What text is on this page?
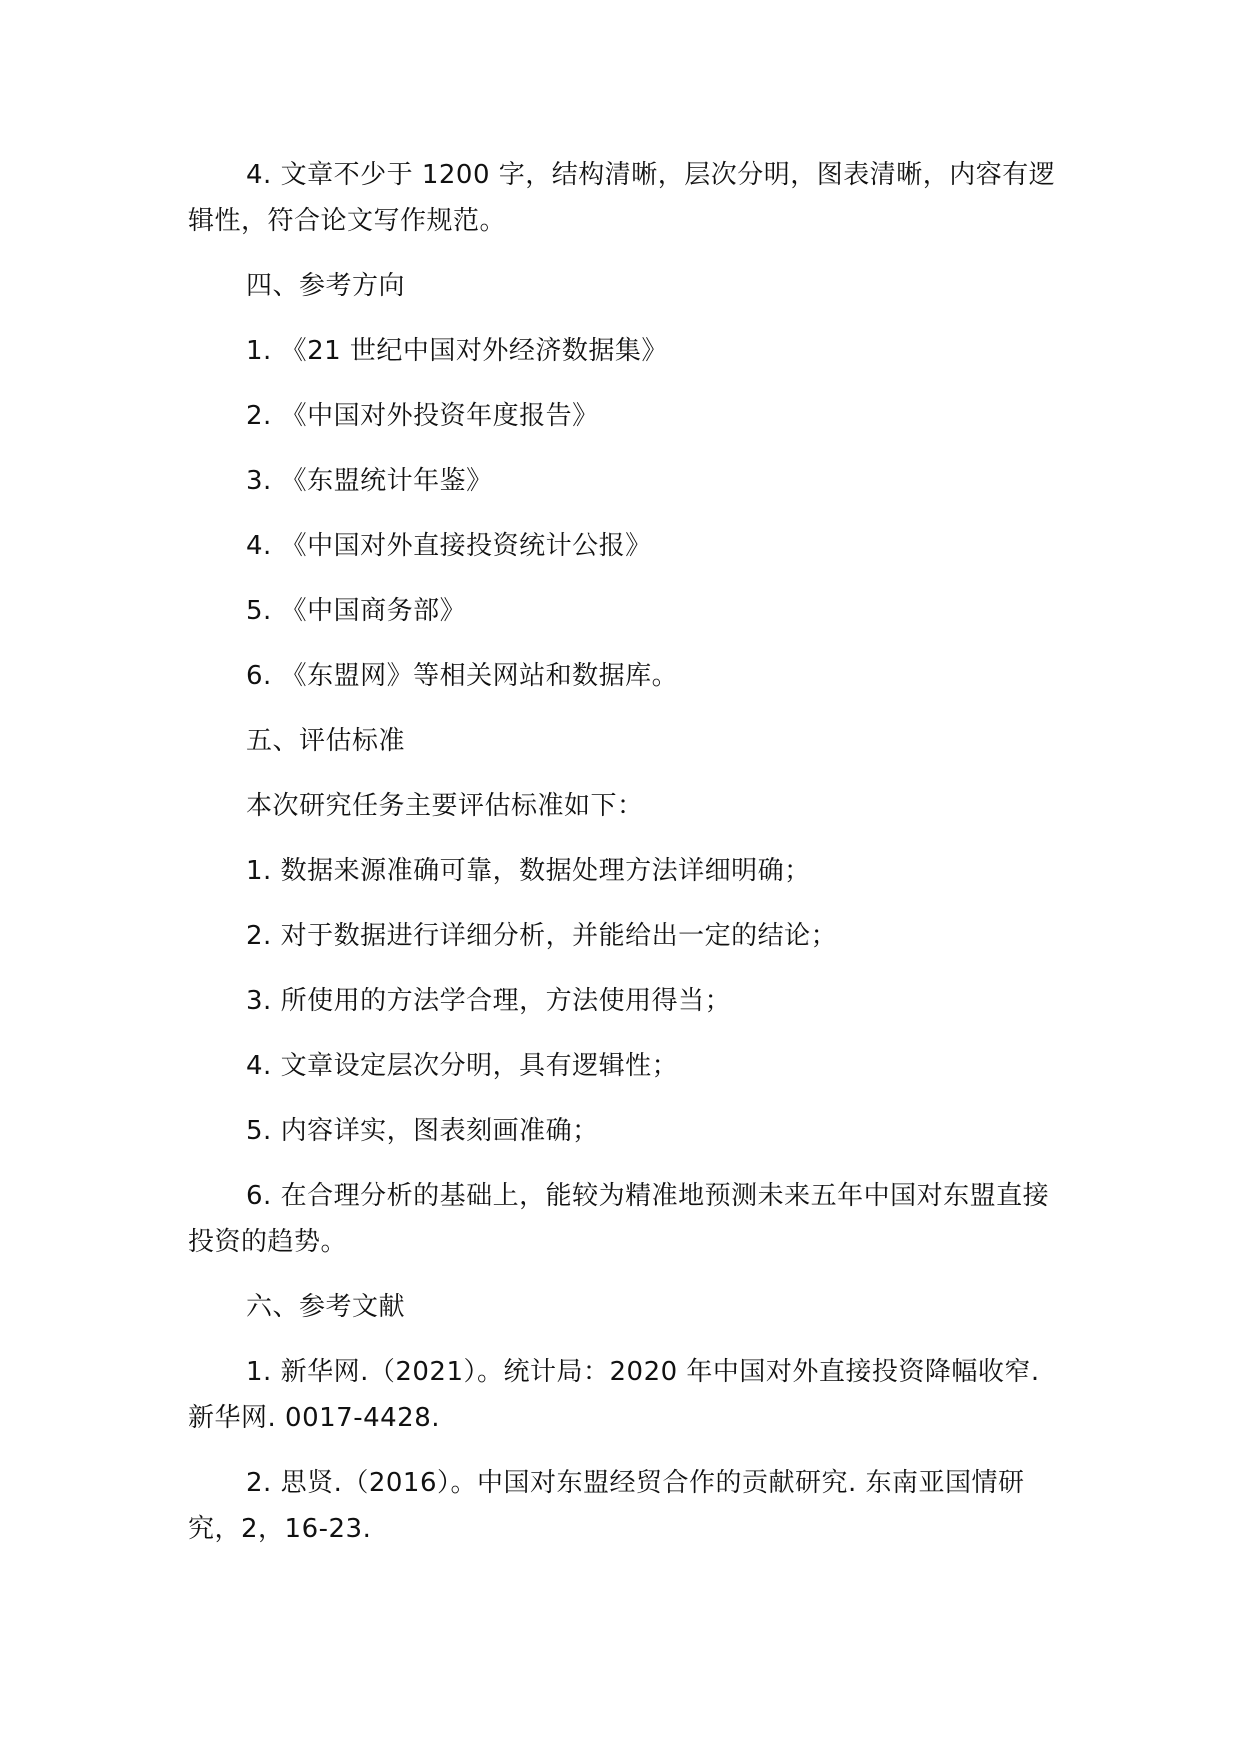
4. 文章不少于 1200 字，结构清晰，层次分明，图表清晰，内容有逻辑性，符合论文写作规范。

四、参考方向

1. 《21 世纪中国对外经济数据集》

2. 《中国对外投资年度报告》

3. 《东盟统计年鉴》

4. 《中国对外直接投资统计公报》

5. 《中国商务部》

6. 《东盟网》等相关网站和数据库。

五、评估标准

本次研究任务主要评估标准如下：

1. 数据来源准确可靠，数据处理方法详细明确；

2. 对于数据进行详细分析，并能给出一定的结论；

3. 所使用的方法学合理，方法使用得当；

4. 文章设定层次分明，具有逻辑性；

5. 内容详实，图表刻画准确；

6. 在合理分析的基础上，能较为精准地预测未来五年中国对东盟直接投资的趋势。

六、参考文献

1. 新华网.（2021）。统计局：2020 年中国对外直接投资降幅收窄. 新华网. 0017-4428.

2. 思贤.（2016）。中国对东盟经贸合作的贡献研究. 东南亚国情研究，2，16-23.
